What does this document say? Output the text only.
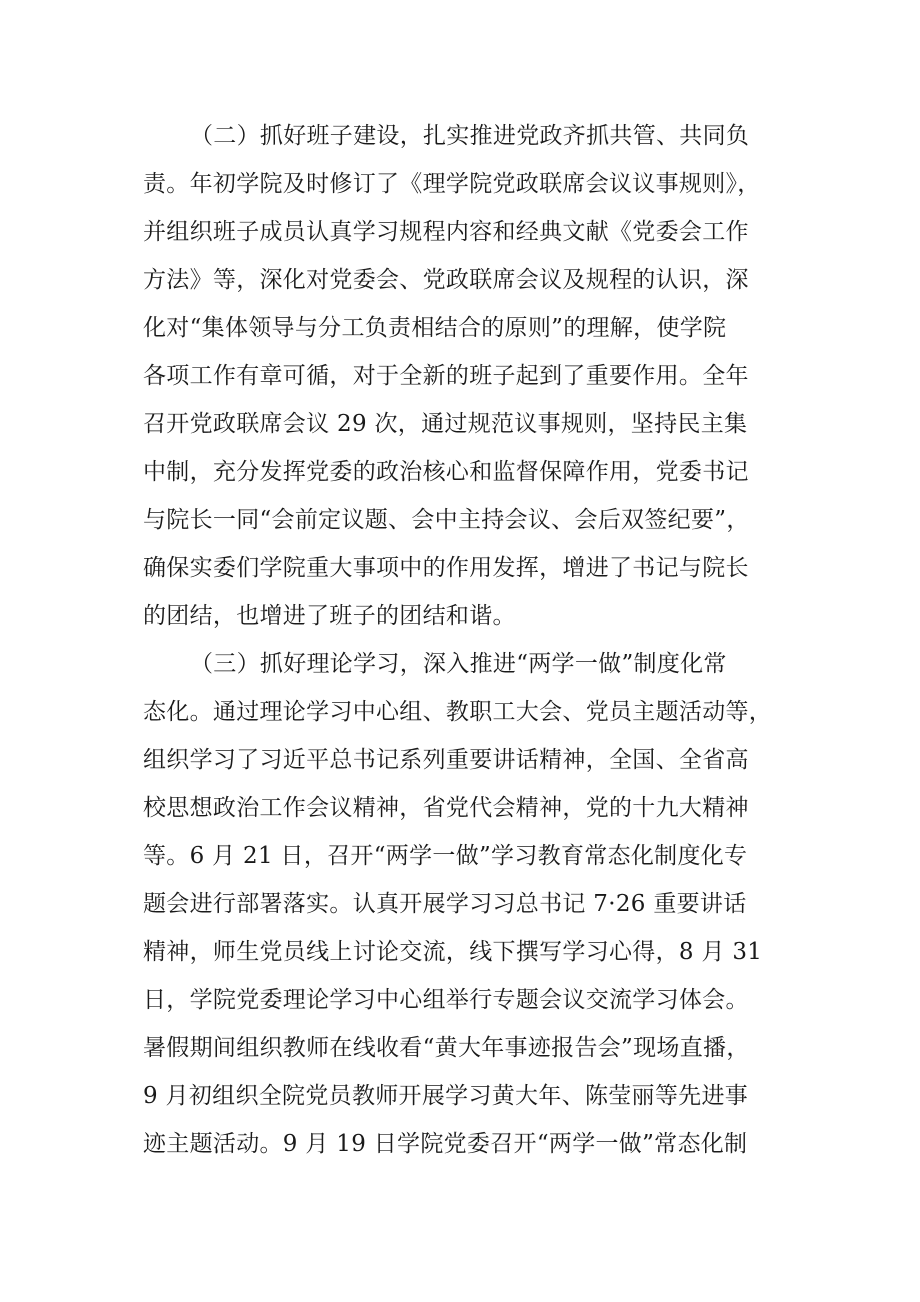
（二）抓好班子建设，扎实推进党政齐抓共管、共同负
责。年初学院及时修订了《理学院党政联席会议议事规则》，
并组织班子成员认真学习规程内容和经典文献《党委会工作
方法》等，深化对党委会、党政联席会议及规程的认识，深
化对“集体领导与分工负责相结合的原则”的理解，使学院
各项工作有章可循，对于全新的班子起到了重要作用。全年
召开党政联席会议 29 次，通过规范议事规则，坚持民主集
中制，充分发挥党委的政治核心和监督保障作用，党委书记
与院长一同“会前定议题、会中主持会议、会后双签纪要”，
确保实委们学院重大事项中的作用发挥，增进了书记与院长
的团结，也增进了班子的团结和谐。
（三）抓好理论学习，深入推进“两学一做”制度化常
态化。通过理论学习中心组、教职工大会、党员主题活动等，
组织学习了习近平总书记系列重要讲话精神，全国、全省高
校思想政治工作会议精神，省党代会精神，党的十九大精神
等。6 月 21 日，召开“两学一做”学习教育常态化制度化专
题会进行部署落实。认真开展学习习总书记 7·26 重要讲话
精神，师生党员线上讨论交流，线下撰写学习心得，8 月 31
日，学院党委理论学习中心组举行专题会议交流学习体会。
暑假期间组织教师在线收看“黄大年事迹报告会”现场直播，
9 月初组织全院党员教师开展学习黄大年、陈莹丽等先进事
迹主题活动。9 月 19 日学院党委召开“两学一做”常态化制
